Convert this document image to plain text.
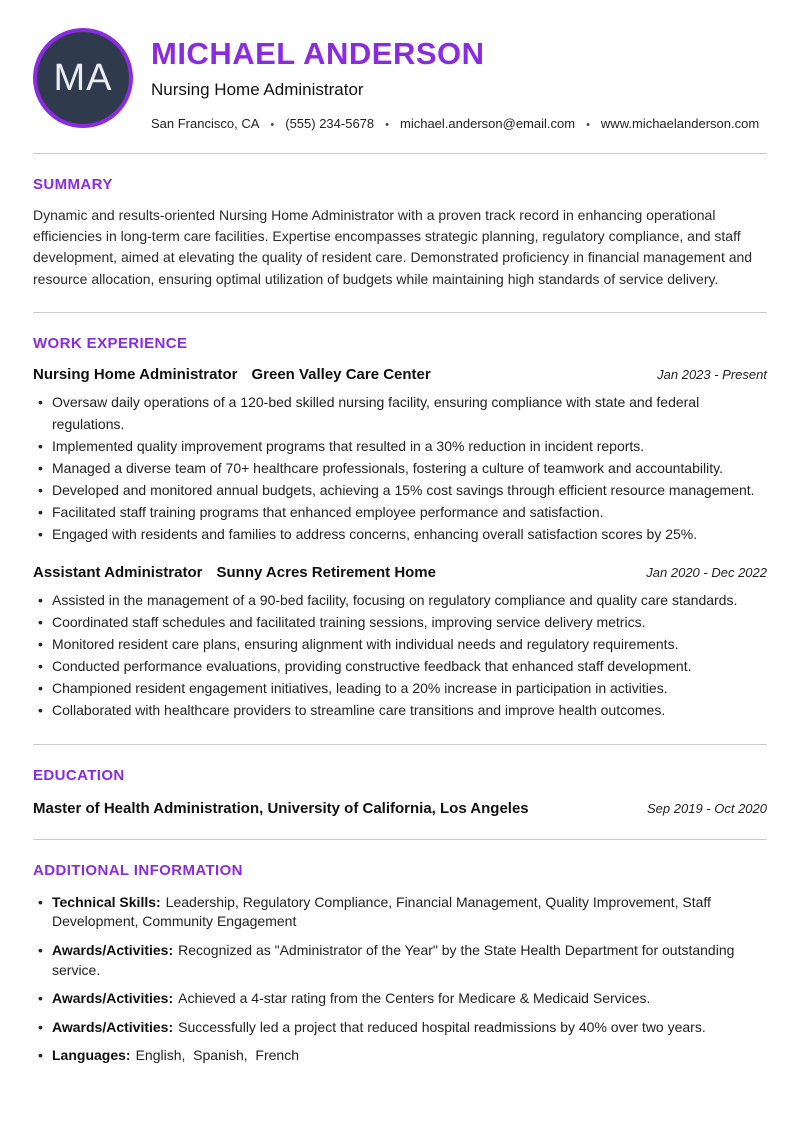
MA
MICHAEL ANDERSON
Nursing Home Administrator
San Francisco, CA • (555) 234-5678 • michael.anderson@email.com • www.michaelanderson.com
SUMMARY

Dynamic and results-oriented Nursing Home Administrator with a proven track record in enhancing operational efficiencies in long-term care facilities. Expertise encompasses strategic planning, regulatory compliance, and staff development, aimed at elevating the quality of resident care. Demonstrated proficiency in financial management and resource allocation, ensuring optimal utilization of budgets while maintaining high standards of service delivery.

WORK EXPERIENCE
Nursing Home Administrator Green Valley Care Center	Jan 2023 - Present
• Oversaw daily operations of a 120-bed skilled nursing facility, ensuring compliance with state and federal regulations.
• Implemented quality improvement programs that resulted in a 30% reduction in incident reports.
• Managed a diverse team of 70+ healthcare professionals, fostering a culture of teamwork and accountability.
• Developed and monitored annual budgets, achieving a 15% cost savings through efficient resource management.
• Facilitated staff training programs that enhanced employee performance and satisfaction.
• Engaged with residents and families to address concerns, enhancing overall satisfaction scores by 25%.
Assistant Administrator Sunny Acres Retirement Home	Jan 2020 - Dec 2022
• Assisted in the management of a 90-bed facility, focusing on regulatory compliance and quality care standards.
• Coordinated staff schedules and facilitated training sessions, improving service delivery metrics.
• Monitored resident care plans, ensuring alignment with individual needs and regulatory requirements.
• Conducted performance evaluations, providing constructive feedback that enhanced staff development.
• Championed resident engagement initiatives, leading to a 20% increase in participation in activities.
• Collaborated with healthcare providers to streamline care transitions and improve health outcomes.
EDUCATION
Master of Health Administration, University of California, Los Angeles	Sep 2019 - Oct 2020
ADDITIONAL INFORMATION
• Technical Skills: Leadership, Regulatory Compliance, Financial Management, Quality Improvement, Staff Development, Community Engagement
• Awards/Activities: Recognized as "Administrator of the Year" by the State Health Department for outstanding service.
• Awards/Activities: Achieved a 4-star rating from the Centers for Medicare & Medicaid Services.
• Awards/Activities: Successfully led a project that reduced hospital readmissions by 40% over two years.
• Languages: English,  Spanish,  French
